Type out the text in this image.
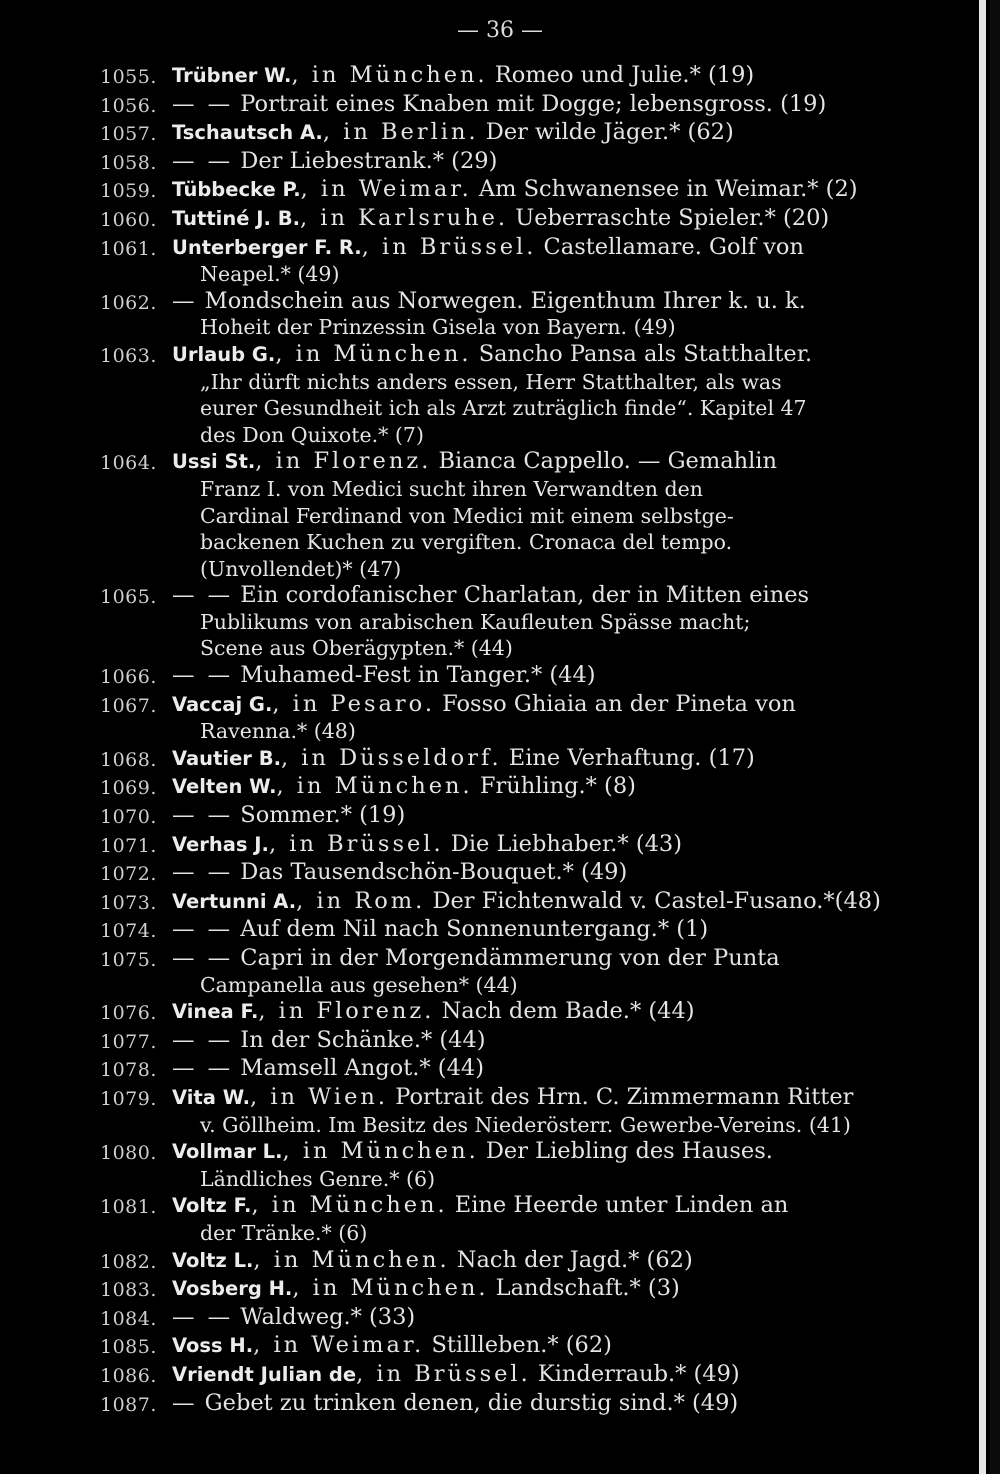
— 36 —
1055. Trübner W., in München. Romeo und Julie.* (19)
1056. — — Portrait eines Knaben mit Dogge; lebensgross. (19)
1057. Tschautsch A., in Berlin. Der wilde Jäger.* (62)
1058. — — Der Liebestrank.* (29)
1059. Tübbecke P., in Weimar. Am Schwanensee in Weimar.* (2)
1060. Tuttiné J. B., in Karlsruhe. Ueberraschte Spieler.* (20)
1061. Unterberger F. R., in Brüssel. Castellamare. Golf von
Neapel.* (49)
1062. — Mondschein aus Norwegen. Eigenthum Ihrer k. u. k.
Hoheit der Prinzessin Gisela von Bayern. (49)
1063. Urlaub G., in München. Sancho Pansa als Statthalter.
„Ihr dürft nichts anders essen, Herr Statthalter, als was
eurer Gesundheit ich als Arzt zuträglich finde“. Kapitel 47
des Don Quixote.* (7)
1064. Ussi St., in Florenz. Bianca Cappello. — Gemahlin
Franz I. von Medici sucht ihren Verwandten den
Cardinal Ferdinand von Medici mit einem selbstge-
backenen Kuchen zu vergiften. Cronaca del tempo.
(Unvollendet)* (47)
1065. — — Ein cordofanischer Charlatan, der in Mitten eines
Publikums von arabischen Kaufleuten Spässe macht;
Scene aus Oberägypten.* (44)
1066. — — Muhamed-Fest in Tanger.* (44)
1067. Vaccaj G., in Pesaro. Fosso Ghiaia an der Pineta von
Ravenna.* (48)
1068. Vautier B., in Düsseldorf. Eine Verhaftung. (17)
1069. Velten W., in München. Frühling.* (8)
1070. — — Sommer.* (19)
1071. Verhas J., in Brüssel. Die Liebhaber.* (43)
1072. — — Das Tausendschön-Bouquet.* (49)
1073. Vertunni A., in Rom. Der Fichtenwald v. Castel-Fusano.*(48)
1074. — — Auf dem Nil nach Sonnenuntergang.* (1)
1075. — — Capri in der Morgendämmerung von der Punta
Campanella aus gesehen* (44)
1076. Vinea F., in Florenz. Nach dem Bade.* (44)
1077. — — In der Schänke.* (44)
1078. — — Mamsell Angot.* (44)
1079. Vita W., in Wien. Portrait des Hrn. C. Zimmermann Ritter
v. Göllheim. Im Besitz des Niederösterr. Gewerbe-Vereins. (41)
1080. Vollmar L., in München. Der Liebling des Hauses.
Ländliches Genre.* (6)
1081. Voltz F., in München. Eine Heerde unter Linden an
der Tränke.* (6)
1082. Voltz L., in München. Nach der Jagd.* (62)
1083. Vosberg H., in München. Landschaft.* (3)
1084. — — Waldweg.* (33)
1085. Voss H., in Weimar. Stillleben.* (62)
1086. Vriendt Julian de, in Brüssel. Kinderraub.* (49)
1087. — Gebet zu trinken denen, die durstig sind.* (49)
